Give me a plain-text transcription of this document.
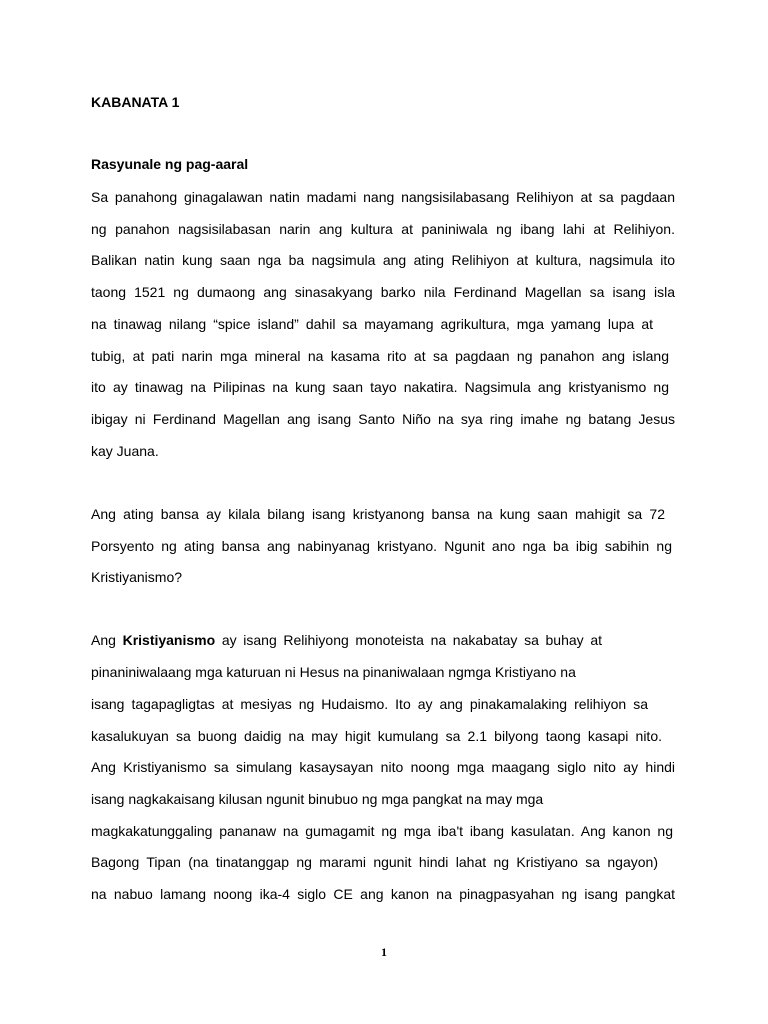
KABANATA 1

Rasyunale ng pag-aaral

Sa panahong ginagalawan natin madami nang nangsisilabasang Relihiyon at sa pagdaan

ng panahon nagsisilabasan narin ang kultura at paniniwala ng ibang lahi at Relihiyon.

Balikan natin kung saan nga ba nagsimula ang ating Relihiyon at kultura, nagsimula ito

taong 1521 ng dumaong ang sinasakyang barko nila Ferdinand Magellan sa isang isla

na tinawag nilang “spice island” dahil sa mayamang agrikultura, mga yamang lupa at

tubig, at pati narin mga mineral na kasama rito at sa pagdaan ng panahon ang islang

ito ay tinawag na Pilipinas na kung saan tayo nakatira. Nagsimula ang kristyanismo ng

ibigay ni Ferdinand Magellan ang isang Santo Niño na sya ring imahe ng batang Jesus

kay Juana.

Ang ating bansa ay kilala bilang isang kristyanong bansa na kung saan mahigit sa 72

Porsyento ng ating bansa ang nabinyanag kristyano. Ngunit ano nga ba ibig sabihin ng

Kristiyanismo?

Ang Kristiyanismo ay isang Relihiyong monoteista na nakabatay sa buhay at

pinaniniwalaang mga katuruan ni Hesus na pinaniwalaan ngmga Kristiyano na

isang tagapagligtas at mesiyas ng Hudaismo. Ito ay ang pinakamalaking relihiyon sa

kasalukuyan sa buong daidig na may higit kumulang sa 2.1 bilyong taong kasapi nito.

Ang Kristiyanismo sa simulang kasaysayan nito noong mga maagang siglo nito ay hindi

isang nagkakaisang kilusan ngunit binubuo ng mga pangkat na may mga

magkakatunggaling pananaw na gumagamit ng mga iba't ibang kasulatan. Ang kanon ng

Bagong Tipan (na tinatanggap ng marami ngunit hindi lahat ng Kristiyano sa ngayon)

na nabuo lamang noong ika-4 siglo CE ang kanon na pinagpasyahan ng isang pangkat

1
